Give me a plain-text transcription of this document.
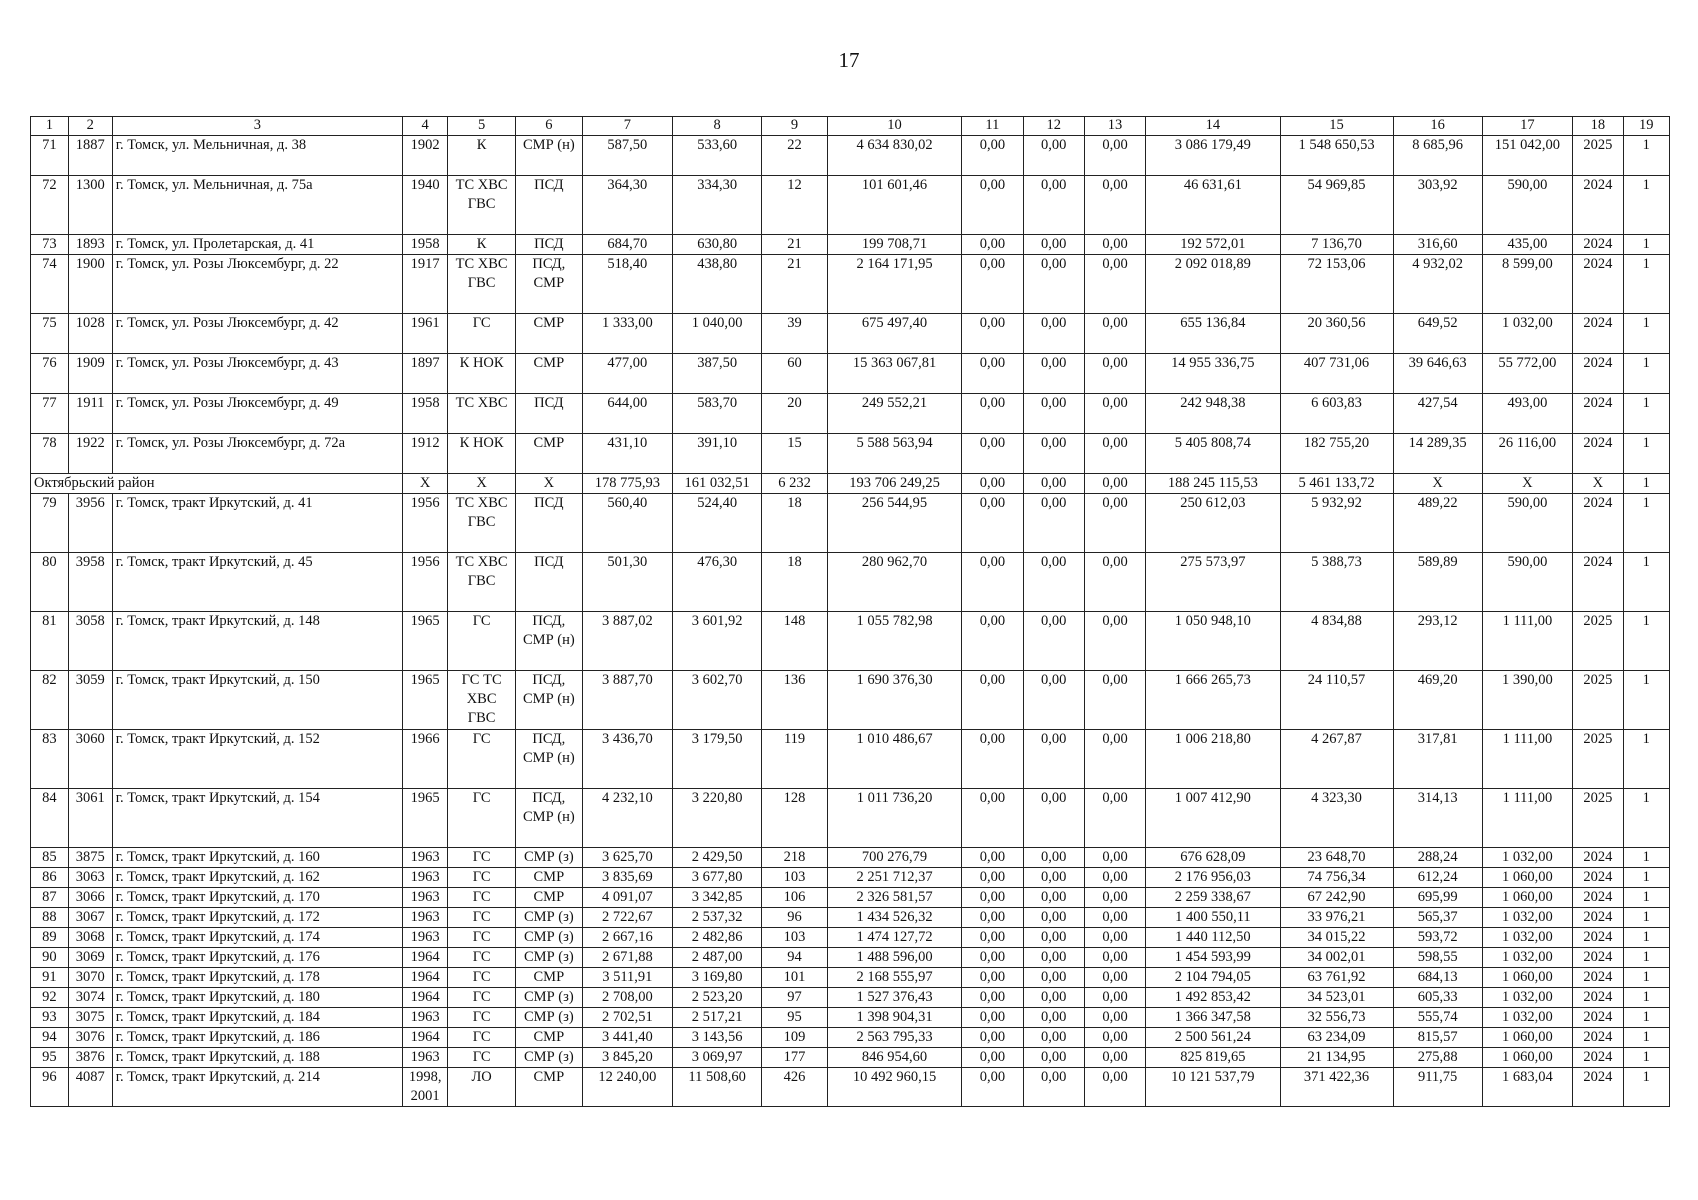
17
1	2	3	4	5	6	7	8	9	10	11	12	13	14	15	16	17	18	19
71	1887	г. Томск, ул. Мельничная, д. 38	1902	К	СМР (н)	587,50	533,60	22	4 634 830,02	0,00	0,00	0,00	3 086 179,49	1 548 650,53	8 685,96	151 042,00	2025	1
72	1300	г. Томск, ул. Мельничная, д. 75а	1940	ТС ХВС ГВС	ПСД	364,30	334,30	12	101 601,46	0,00	0,00	0,00	46 631,61	54 969,85	303,92	590,00	2024	1
73	1893	г. Томск, ул. Пролетарская, д. 41	1958	К	ПСД	684,70	630,80	21	199 708,71	0,00	0,00	0,00	192 572,01	7 136,70	316,60	435,00	2024	1
74	1900	г. Томск, ул. Розы Люксембург, д. 22	1917	ТС ХВС ГВС	ПСД, СМР	518,40	438,80	21	2 164 171,95	0,00	0,00	0,00	2 092 018,89	72 153,06	4 932,02	8 599,00	2024	1
75	1028	г. Томск, ул. Розы Люксембург, д. 42	1961	ГС	СМР	1 333,00	1 040,00	39	675 497,40	0,00	0,00	0,00	655 136,84	20 360,56	649,52	1 032,00	2024	1
76	1909	г. Томск, ул. Розы Люксембург, д. 43	1897	К НОК	СМР	477,00	387,50	60	15 363 067,81	0,00	0,00	0,00	14 955 336,75	407 731,06	39 646,63	55 772,00	2024	1
77	1911	г. Томск, ул. Розы Люксембург, д. 49	1958	ТС ХВС	ПСД	644,00	583,70	20	249 552,21	0,00	0,00	0,00	242 948,38	6 603,83	427,54	493,00	2024	1
78	1922	г. Томск, ул. Розы Люксембург, д. 72а	1912	К НОК	СМР	431,10	391,10	15	5 588 563,94	0,00	0,00	0,00	5 405 808,74	182 755,20	14 289,35	26 116,00	2024	1
Октябрьский район			Х	Х	Х	178 775,93	161 032,51	6 232	193 706 249,25	0,00	0,00	0,00	188 245 115,53	5 461 133,72	Х	Х	Х	1
79	3956	г. Томск, тракт Иркутский, д. 41	1956	ТС ХВС ГВС	ПСД	560,40	524,40	18	256 544,95	0,00	0,00	0,00	250 612,03	5 932,92	489,22	590,00	2024	1
80	3958	г. Томск, тракт Иркутский, д. 45	1956	ТС ХВС ГВС	ПСД	501,30	476,30	18	280 962,70	0,00	0,00	0,00	275 573,97	5 388,73	589,89	590,00	2024	1
81	3058	г. Томск, тракт Иркутский, д. 148	1965	ГС	ПСД, СМР (н)	3 887,02	3 601,92	148	1 055 782,98	0,00	0,00	0,00	1 050 948,10	4 834,88	293,12	1 111,00	2025	1
82	3059	г. Томск, тракт Иркутский, д. 150	1965	ГС ТС ХВС ГВС	ПСД, СМР (н)	3 887,70	3 602,70	136	1 690 376,30	0,00	0,00	0,00	1 666 265,73	24 110,57	469,20	1 390,00	2025	1
83	3060	г. Томск, тракт Иркутский, д. 152	1966	ГС	ПСД, СМР (н)	3 436,70	3 179,50	119	1 010 486,67	0,00	0,00	0,00	1 006 218,80	4 267,87	317,81	1 111,00	2025	1
84	3061	г. Томск, тракт Иркутский, д. 154	1965	ГС	ПСД, СМР (н)	4 232,10	3 220,80	128	1 011 736,20	0,00	0,00	0,00	1 007 412,90	4 323,30	314,13	1 111,00	2025	1
85	3875	г. Томск, тракт Иркутский, д. 160	1963	ГС	СМР (з)	3 625,70	2 429,50	218	700 276,79	0,00	0,00	0,00	676 628,09	23 648,70	288,24	1 032,00	2024	1
86	3063	г. Томск, тракт Иркутский, д. 162	1963	ГС	СМР	3 835,69	3 677,80	103	2 251 712,37	0,00	0,00	0,00	2 176 956,03	74 756,34	612,24	1 060,00	2024	1
87	3066	г. Томск, тракт Иркутский, д. 170	1963	ГС	СМР	4 091,07	3 342,85	106	2 326 581,57	0,00	0,00	0,00	2 259 338,67	67 242,90	695,99	1 060,00	2024	1
88	3067	г. Томск, тракт Иркутский, д. 172	1963	ГС	СМР (з)	2 722,67	2 537,32	96	1 434 526,32	0,00	0,00	0,00	1 400 550,11	33 976,21	565,37	1 032,00	2024	1
89	3068	г. Томск, тракт Иркутский, д. 174	1963	ГС	СМР (з)	2 667,16	2 482,86	103	1 474 127,72	0,00	0,00	0,00	1 440 112,50	34 015,22	593,72	1 032,00	2024	1
90	3069	г. Томск, тракт Иркутский, д. 176	1964	ГС	СМР (з)	2 671,88	2 487,00	94	1 488 596,00	0,00	0,00	0,00	1 454 593,99	34 002,01	598,55	1 032,00	2024	1
91	3070	г. Томск, тракт Иркутский, д. 178	1964	ГС	СМР	3 511,91	3 169,80	101	2 168 555,97	0,00	0,00	0,00	2 104 794,05	63 761,92	684,13	1 060,00	2024	1
92	3074	г. Томск, тракт Иркутский, д. 180	1964	ГС	СМР (з)	2 708,00	2 523,20	97	1 527 376,43	0,00	0,00	0,00	1 492 853,42	34 523,01	605,33	1 032,00	2024	1
93	3075	г. Томск, тракт Иркутский, д. 184	1963	ГС	СМР (з)	2 702,51	2 517,21	95	1 398 904,31	0,00	0,00	0,00	1 366 347,58	32 556,73	555,74	1 032,00	2024	1
94	3076	г. Томск, тракт Иркутский, д. 186	1964	ГС	СМР	3 441,40	3 143,56	109	2 563 795,33	0,00	0,00	0,00	2 500 561,24	63 234,09	815,57	1 060,00	2024	1
95	3876	г. Томск, тракт Иркутский, д. 188	1963	ГС	СМР (з)	3 845,20	3 069,97	177	846 954,60	0,00	0,00	0,00	825 819,65	21 134,95	275,88	1 060,00	2024	1
96	4087	г. Томск, тракт Иркутский, д. 214	1998, 2001	ЛО	СМР	12 240,00	11 508,60	426	10 492 960,15	0,00	0,00	0,00	10 121 537,79	371 422,36	911,75	1 683,04	2024	1
